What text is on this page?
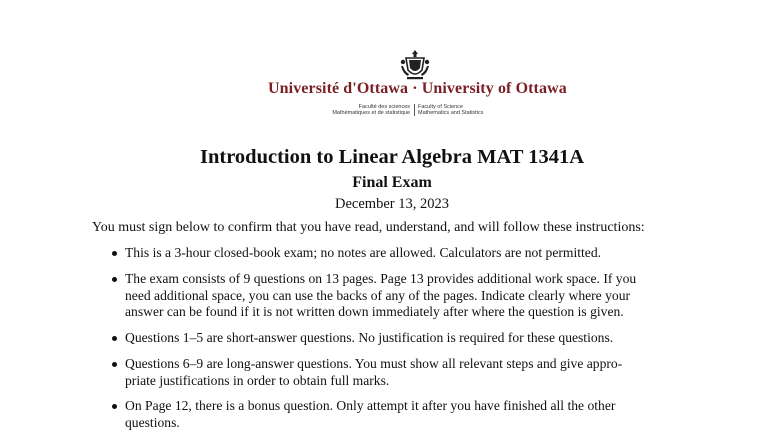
Université d'Ottawa · University of Ottawa
Faculté des sciences
Mathématiques et de statistique
Faculty of Science
Mathematics and Statistics
Introduction to Linear Algebra MAT 1341A
Final Exam
December 13, 2023
You must sign below to confirm that you have read, understand, and will follow these instructions:
This is a 3-hour closed-book exam; no notes are allowed. Calculators are not permitted.
The exam consists of 9 questions on 13 pages. Page 13 provides additional work space. If you
need additional space, you can use the backs of any of the pages. Indicate clearly where your
answer can be found if it is not written down immediately after where the question is given.
Questions 1–5 are short-answer questions. No justification is required for these questions.
Questions 6–9 are long-answer questions. You must show all relevant steps and give appro-
priate justifications in order to obtain full marks.
On Page 12, there is a bonus question. Only attempt it after you have finished all the other
questions.
